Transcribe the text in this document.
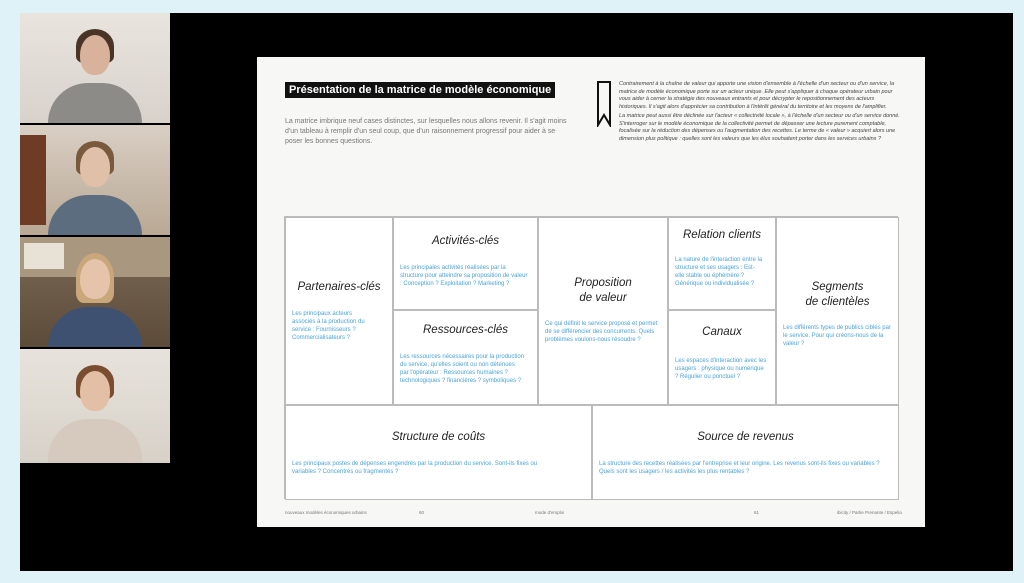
Présentation de la matrice de modèle économique
La matrice imbrique neuf cases distinctes, sur lesquelles nous allons revenir. Il s'agit moins d'un tableau à remplir d'un seul coup, que d'un raisonnement progressif pour aider à se poser les bonnes questions.

Contrairement à la chaîne de valeur qui apporte une vision d'ensemble à l'échelle d'un secteur ou d'un service, la matrice de modèle économique porte sur un acteur unique. Elle peut s'appliquer à chaque opérateur urbain pour vous aider à cerner la stratégie des nouveaux entrants et pour décrypter le repositionnement des acteurs historiques. Il s'agit alors d'apprécier sa contribution à l'intérêt général du territoire et les moyens de l'amplifier.

La matrice peut aussi être déclinée sur l'acteur « collectivité locale », à l'échelle d'un secteur ou d'un service donné. S'interroger sur le modèle économique de la collectivité permet de dépasser une lecture purement comptable, focalisée sur la réduction des dépenses ou l'augmentation des recettes. Le terme de « valeur » acquiert alors une dimension plus politique : quelles sont les valeurs que les élus souhaitent porter dans les services urbains ?

Partenaires-clés
Les principaux acteurs associés à la production du service : Fournisseurs ? Commercialisateurs ?
Activités-clés
Les principales activités réalisées par la structure pour atteindre sa proposition de valeur : Conception ? Exploitation ? Marketing ?
Ressources-clés
Les ressources nécessaires pour la production du service, qu'elles soient ou non détenues par l'opérateur : Ressources humaines ? technologiques ? financières ? symboliques ?
Proposition
de valeur
Ce qui définit le service proposé et permet de se différencier des concurrents. Quels problèmes voulons-nous résoudre ?
Relation clients
La nature de l'interaction entre la structure et ses usagers : Est-elle stable ou éphémère ? Générique ou individualisée ?
Canaux
Les espaces d'interaction avec les usagers : physique ou numérique ? Régulier ou ponctuel ?
Segments
de clientèles
Les différents types de publics ciblés par le service. Pour qui créons-nous de la valeur ?
Structure de coûts
Les principaux postes de dépenses engendrés par la production du service. Sont-ils fixes ou variables ? Concentrés ou fragmentés ?
Source de revenus
La structure des recettes réalisées par l'entreprise et leur origine. Les revenus sont-ils fixes ou variables ? Quels sont les usagers / les activités les plus rentables ?
nouveaux modèles économiques urbains	60	mode d'emploi	61	ibicity / Partie Prenante / Espelia
